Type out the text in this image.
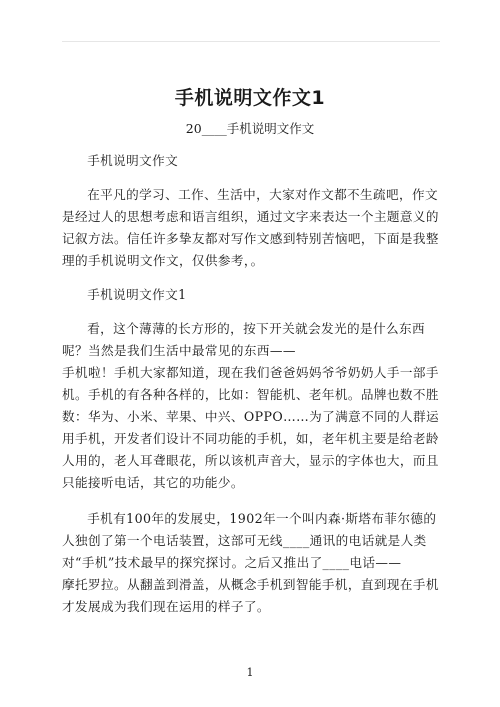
手机说明文作文1
20____手机说明文作文

手机说明文作文

在平凡的学习、工作、生活中，大家对作文都不生疏吧，作文是经过人的思想考虑和语言组织，通过文字来表达一个主题意义的记叙方法。信任许多挚友都对写作文感到特别苦恼吧，下面是我整理的手机说明文作文，仅供参考，。

手机说明文作文1

看，这个薄薄的长方形的，按下开关就会发光的是什么东西呢？当然是我们生活中最常见的东西——

手机啦！手机大家都知道，现在我们爸爸妈妈爷爷奶奶人手一部手机。手机的有各种各样的，比如：智能机、老年机。品牌也数不胜数：华为、小米、苹果、中兴、OPPO……为了满意不同的人群运用手机，开发者们设计不同功能的手机，如，老年机主要是给老龄人用的，老人耳聋眼花，所以该机声音大，显示的字体也大，而且只能接听电话，其它的功能少。

手机有100年的发展史，1902年一个叫内森·斯塔布菲尔德的人独创了第一个电话装置，这部可无线____通讯的电话就是人类对“手机”技术最早的探究探讨。之后又推出了____电话——

摩托罗拉。从翻盖到滑盖，从概念手机到智能手机，直到现在手机才发展成为我们现在运用的样子了。

1
